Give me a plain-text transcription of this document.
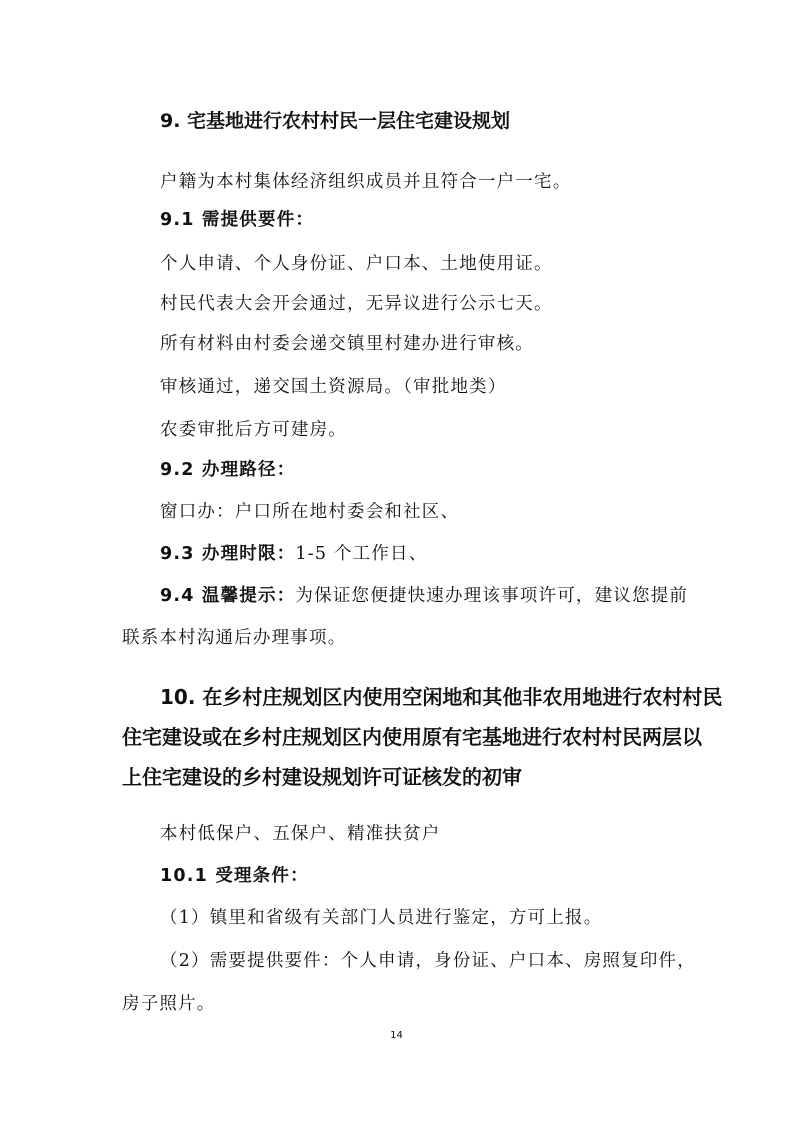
9. 宅基地进行农村村民一层住宅建设规划
户籍为本村集体经济组织成员并且符合一户一宅。
9.1 需提供要件：
个人申请、个人身份证、户口本、土地使用证。
村民代表大会开会通过，无异议进行公示七天。
所有材料由村委会递交镇里村建办进行审核。
审核通过，递交国土资源局。（审批地类）
农委审批后方可建房。
9.2 办理路径：
窗口办：户口所在地村委会和社区、
9.3 办理时限：1-5 个工作日、
9.4 温馨提示：为保证您便捷快速办理该事项许可，建议您提前
联系本村沟通后办理事项。
10. 在乡村庄规划区内使用空闲地和其他非农用地进行农村村民
住宅建设或在乡村庄规划区内使用原有宅基地进行农村村民两层以
上住宅建设的乡村建设规划许可证核发的初审
本村低保户、五保户、精准扶贫户
10.1 受理条件：
（1）镇里和省级有关部门人员进行鉴定，方可上报。
（2）需要提供要件：个人申请，身份证、户口本、房照复印件，
房子照片。
14
